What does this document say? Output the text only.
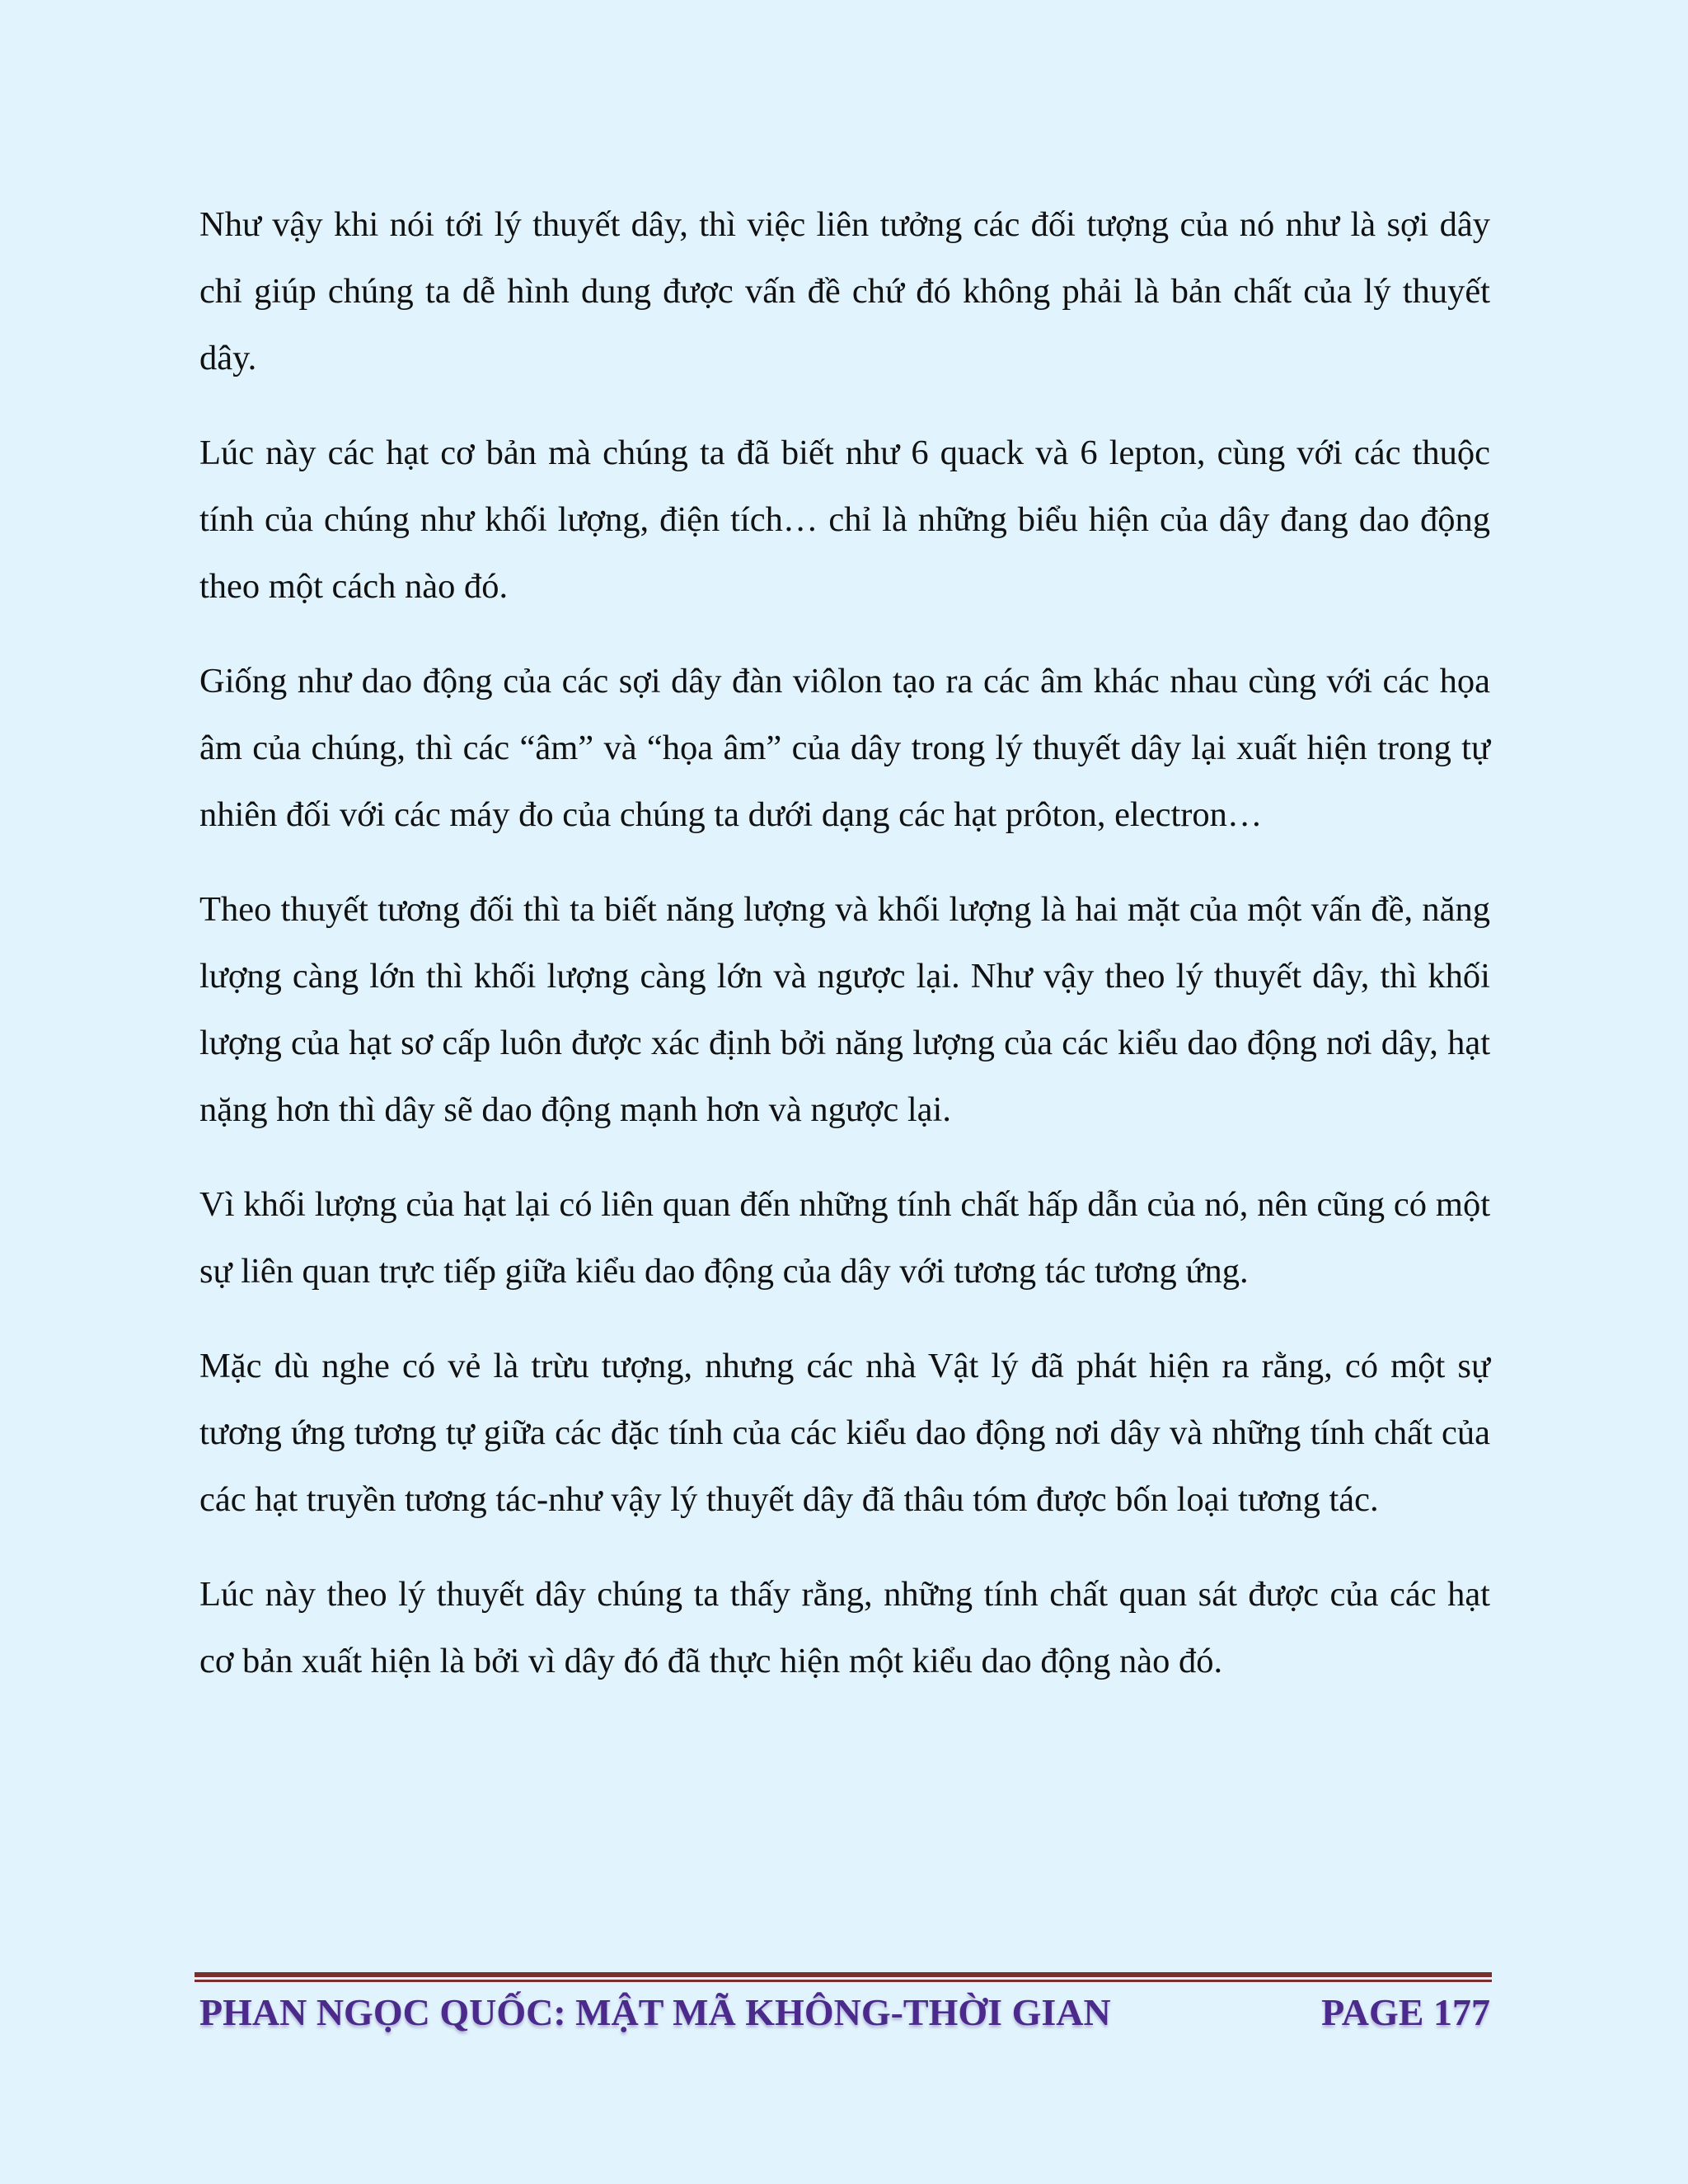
Như vậy khi nói tới lý thuyết dây, thì việc liên tưởng các đối tượng của nó như là sợi dây chỉ giúp chúng ta dễ hình dung được vấn đề chứ đó không phải là bản chất của lý thuyết dây.

Lúc này các hạt cơ bản mà chúng ta đã biết như 6 quack và 6 lepton, cùng với các thuộc tính của chúng như khối lượng, điện tích… chỉ là những biểu hiện của dây đang dao động theo một cách nào đó.

Giống như dao động của các sợi dây đàn viôlon tạo ra các âm khác nhau cùng với các họa âm của chúng, thì các “âm” và “họa âm” của dây trong lý thuyết dây lại xuất hiện trong tự nhiên đối với các máy đo của chúng ta dưới dạng các hạt prôton, electron…

Theo thuyết tương đối thì ta biết năng lượng và khối lượng là hai mặt của một vấn đề, năng lượng càng lớn thì khối lượng càng lớn và ngược lại. Như vậy theo lý thuyết dây, thì khối lượng của hạt sơ cấp luôn được xác định bởi năng lượng của các kiểu dao động nơi dây, hạt nặng hơn thì dây sẽ dao động mạnh hơn và ngược lại.

Vì khối lượng của hạt lại có liên quan đến những tính chất hấp dẫn của nó, nên cũng có một sự liên quan trực tiếp giữa kiểu dao động của dây với tương tác tương ứng.

Mặc dù nghe có vẻ là trừu tượng, nhưng các nhà Vật lý đã phát hiện ra rằng, có một sự tương ứng tương tự giữa các đặc tính của các kiểu dao động nơi dây và những tính chất của các hạt truyền tương tác-như vậy lý thuyết dây đã thâu tóm được bốn loại tương tác.

Lúc này theo lý thuyết dây chúng ta thấy rằng, những tính chất quan sát được của các hạt cơ bản xuất hiện là bởi vì dây đó đã thực hiện một kiểu dao động nào đó.

PHAN NGỌC QUỐC: MẬT MÃ KHÔNG-THỜI GIAN	PAGE 177
